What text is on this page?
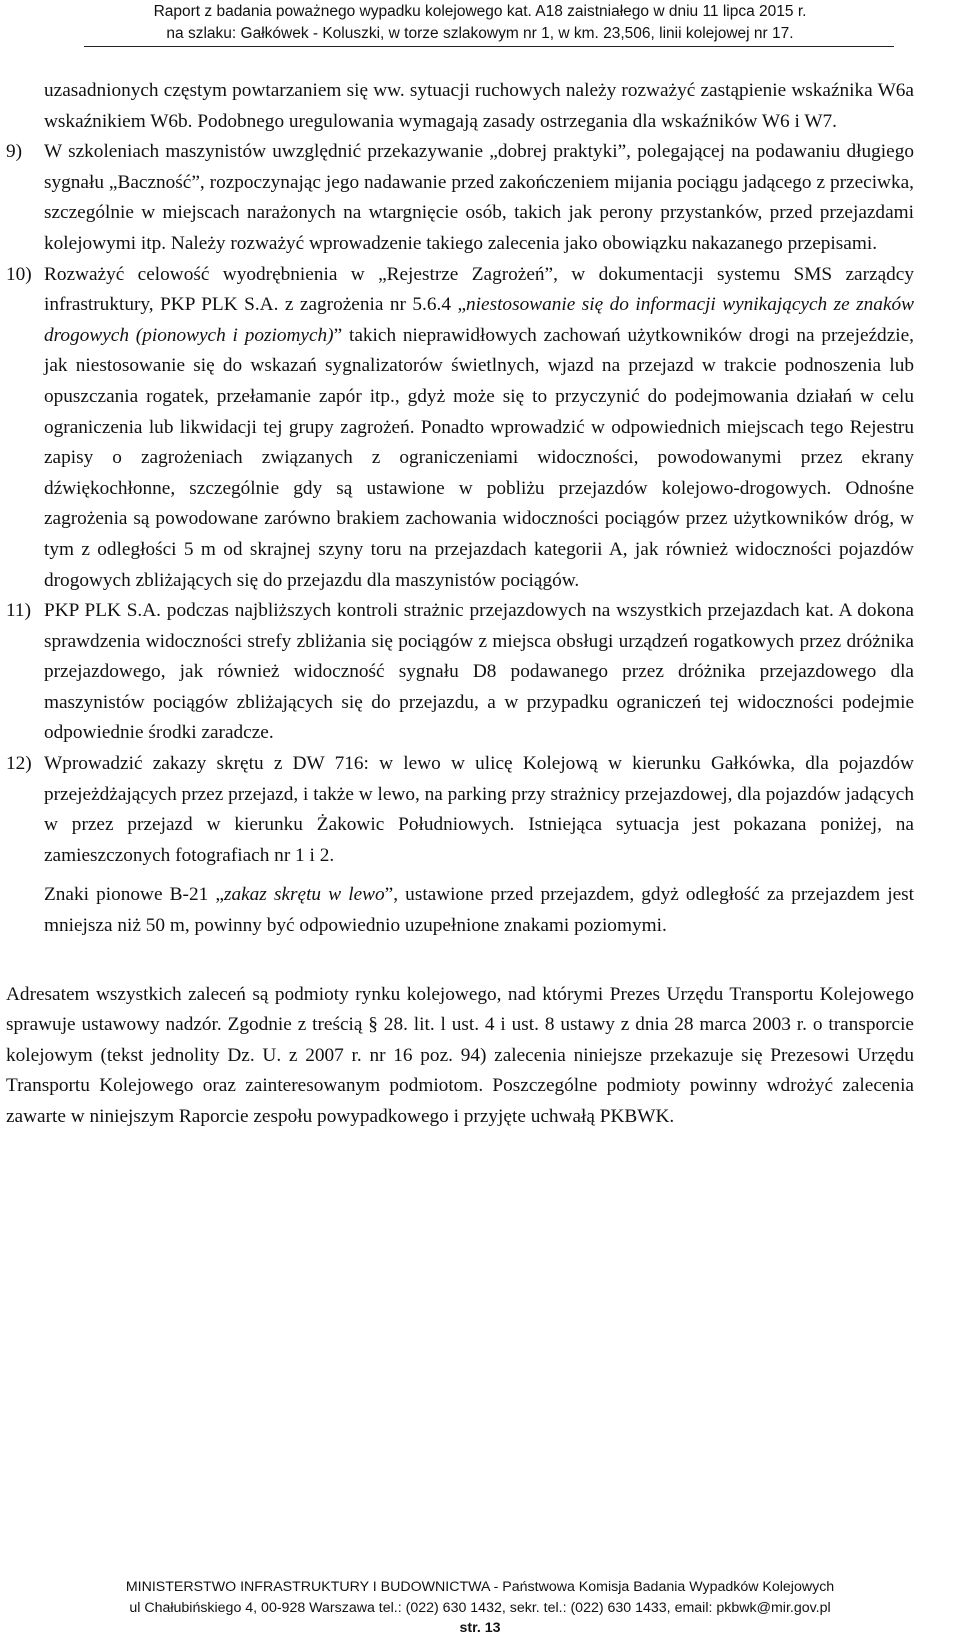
Raport z badania poważnego wypadku kolejowego kat. A18 zaistniałego w dniu 11 lipca 2015 r.
na szlaku: Gałkówek - Koluszki, w torze szlakowym nr 1, w km. 23,506, linii kolejowej nr 17.

uzasadnionych częstym powtarzaniem się ww. sytuacji ruchowych należy rozważyć zastąpienie wskaźnika W6a wskaźnikiem W6b. Podobnego uregulowania wymagają zasady ostrzegania dla wskaźników W6 i W7.

9) W szkoleniach maszynistów uwzględnić przekazywanie „dobrej praktyki”, polegającej na podawaniu długiego sygnału „Baczność”, rozpoczynając jego nadawanie przed zakończeniem mijania pociągu jadącego z przeciwka, szczególnie w miejscach narażonych na wtargnięcie osób, takich jak perony przystanków, przed przejazdami kolejowymi itp. Należy rozważyć wprowadzenie takiego zalecenia jako obowiązku nakazanego przepisami.

10) Rozważyć celowość wyodrębnienia w „Rejestrze Zagrożeń”, w dokumentacji systemu SMS zarządcy infrastruktury, PKP PLK S.A. z zagrożenia nr 5.6.4 „niestosowanie się do informacji wynikających ze znaków drogowych (pionowych i poziomych)” takich nieprawidłowych zachowań użytkowników drogi na przejeździe, jak niestosowanie się do wskazań sygnalizatorów świetlnych, wjazd na przejazd w trakcie podnoszenia lub opuszczania rogatek, przełamanie zapór itp., gdyż może się to przyczynić do podejmowania działań w celu ograniczenia lub likwidacji tej grupy zagrożeń. Ponadto wprowadzić w odpowiednich miejscach tego Rejestru zapisy o zagrożeniach związanych z ograniczeniami widoczności, powodowanymi przez ekrany dźwiękochłonne, szczególnie gdy są ustawione w pobliżu przejazdów kolejowo-drogowych. Odnośne zagrożenia są powodowane zarówno brakiem zachowania widoczności pociągów przez użytkowników dróg, w tym z odległości 5 m od skrajnej szyny toru na przejazdach kategorii A, jak również widoczności pojazdów drogowych zbliżających się do przejazdu dla maszynistów pociągów.

11) PKP PLK S.A. podczas najbliższych kontroli strażnic przejazdowych na wszystkich przejazdach kat. A dokona sprawdzenia widoczności strefy zbliżania się pociągów z miejsca obsługi urządzeń rogatkowych przez dróżnika przejazdowego, jak również widoczność sygnału D8 podawanego przez dróżnika przejazdowego dla maszynistów pociągów zbliżających się do przejazdu, a w przypadku ograniczeń tej widoczności podejmie odpowiednie środki zaradcze.

12) Wprowadzić zakazy skrętu z DW 716: w lewo w ulicę Kolejową w kierunku Gałkówka, dla pojazdów przejeżdżających przez przejazd, i także w lewo, na parking przy strażnicy przejazdowej, dla pojazdów jadących w przez przejazd w kierunku Żakowic Południowych. Istniejąca sytuacja jest pokazana poniżej, na zamieszczonych fotografiach nr 1 i 2.

Znaki pionowe B-21 „zakaz skrętu w lewo”, ustawione przed przejazdem, gdyż odległość za przejazdem jest mniejsza niż 50 m, powinny być odpowiednio uzupełnione znakami poziomymi.

Adresatem wszystkich zaleceń są podmioty rynku kolejowego, nad którymi Prezes Urzędu Transportu Kolejowego sprawuje ustawowy nadzór. Zgodnie z treścią § 28. lit. l ust. 4 i ust. 8 ustawy z dnia 28 marca 2003 r. o transporcie kolejowym (tekst jednolity Dz. U. z 2007 r. nr 16 poz. 94) zalecenia niniejsze przekazuje się Prezesowi Urzędu Transportu Kolejowego oraz zainteresowanym podmiotom. Poszczególne podmioty powinny wdrożyć zalecenia zawarte w niniejszym Raporcie zespołu powypadkowego i przyjęte uchwałą PKBWK.

MINISTERSTWO INFRASTRUKTURY I BUDOWNICTWA - Państwowa Komisja Badania Wypadków Kolejowych
ul Chałubińskiego 4, 00-928 Warszawa tel.: (022) 630 1432, sekr. tel.: (022) 630 1433, email: pkbwk@mir.gov.pl
str. 13
